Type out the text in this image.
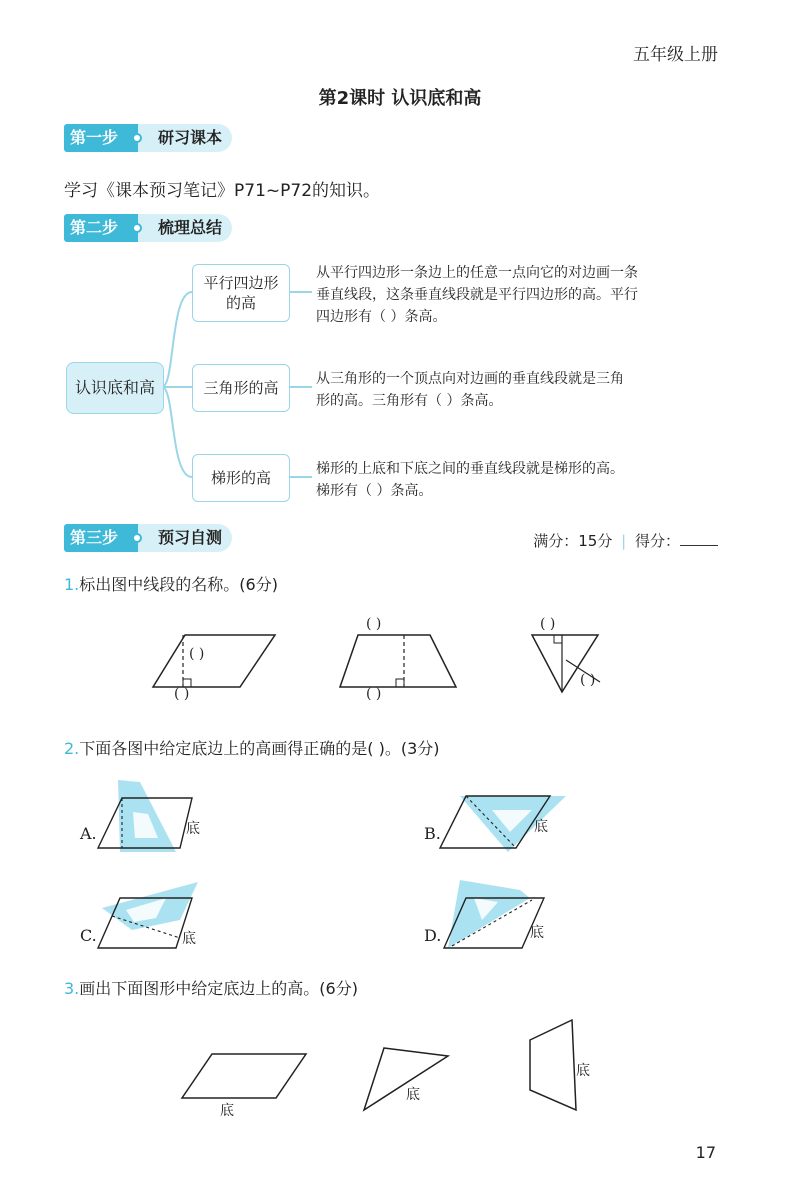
五年级上册
第2课时 认识底和高
第一步	研习课本
学习《课本预习笔记》P71~P72的知识。
第二步	梳理总结
认识底和高
平行四边形
的高
三角形的高
梯形的高
从平行四边形一条边上的任意一点向它的对边画一条
垂直线段，这条垂直线段就是平行四边形的高。平行
四边形有（ ）条高。
从三角形的一个顶点向对边画的垂直线段就是三角
形的高。三角形有（ ）条高。
梯形的上底和下底之间的垂直线段就是梯形的高。
梯形有（ ）条高。
第三步	预习自测	满分：15分 | 得分：
1.标出图中线段的名称。(6分)
( )
( )
( )
( )
( )
( )
2.下面各图中给定底边上的高画得正确的是( )。(3分)
A.	底	B.	底
C.	底	D.	底
3.画出下面图形中给定底边上的高。(6分)
底
底
底
17
